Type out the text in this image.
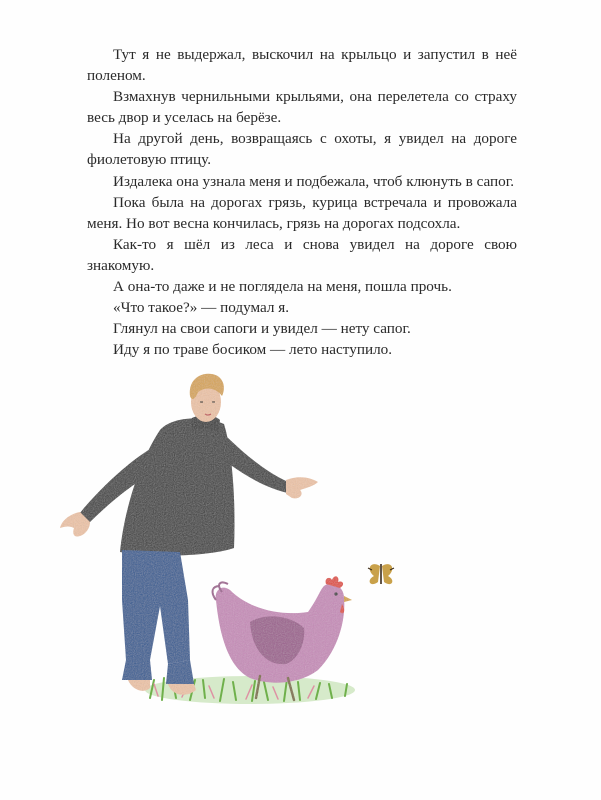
Тут я не выдержал, выскочил на крыльцо и запустил в неё поленом.

Взмахнув чернильными крыльями, она перелетела со страху весь двор и уселась на берёзе.

На другой день, возвращаясь с охоты, я увидел на дороге фиолетовую птицу.

Издалека она узнала меня и подбежала, чтоб клюнуть в сапог.

Пока была на дорогах грязь, курица встречала и провожала меня. Но вот весна кончилась, грязь на дорогах подсохла.

Как-то я шёл из леса и снова увидел на дороге свою знакомую.

А она-то даже и не поглядела на меня, пошла прочь.

«Что такое?» — подумал я.

Глянул на свои сапоги и увидел — нету сапог.

Иду я по траве босиком — лето наступило.
